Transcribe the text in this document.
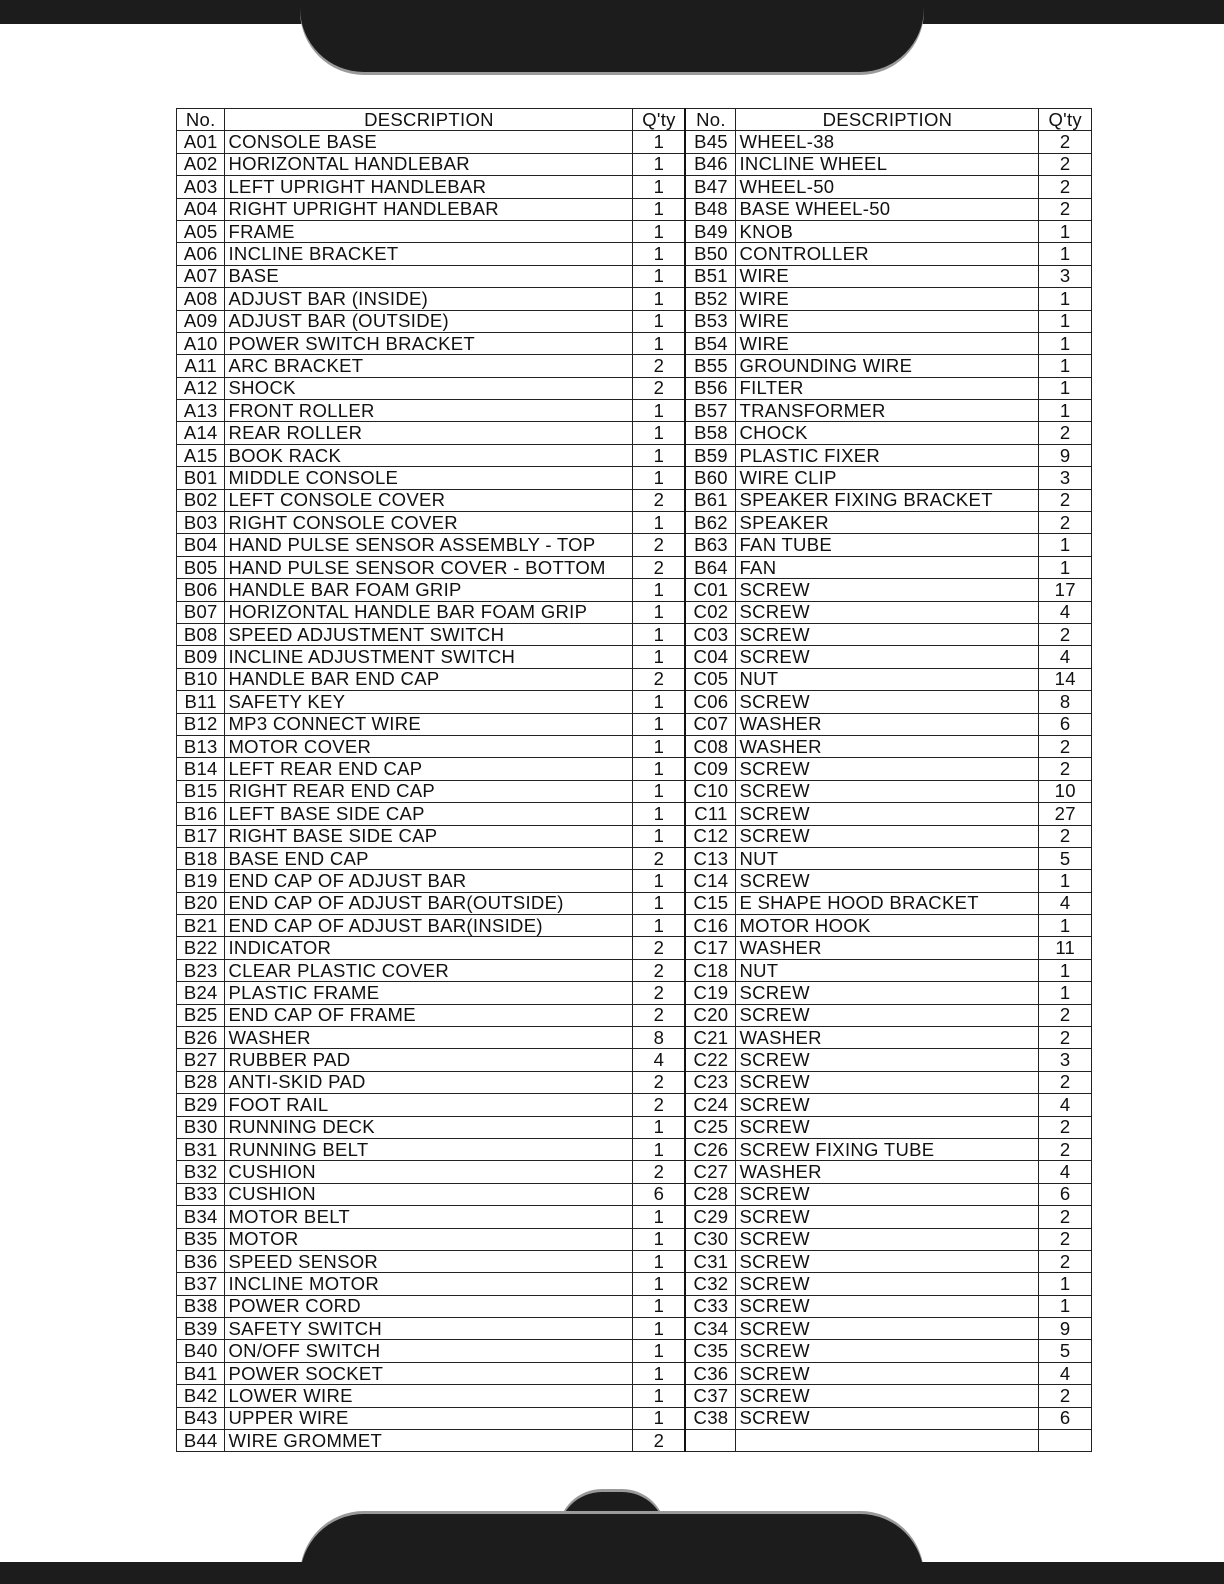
No.	DESCRIPTION	Q'ty	No.	DESCRIPTION	Q'ty
A01	CONSOLE BASE	1	B45	WHEEL-38	2
A02	HORIZONTAL HANDLEBAR	1	B46	INCLINE WHEEL	2
A03	LEFT UPRIGHT HANDLEBAR	1	B47	WHEEL-50	2
A04	RIGHT UPRIGHT HANDLEBAR	1	B48	BASE WHEEL-50	2
A05	FRAME	1	B49	KNOB	1
A06	INCLINE BRACKET	1	B50	CONTROLLER	1
A07	BASE	1	B51	WIRE	3
A08	ADJUST BAR (INSIDE)	1	B52	WIRE	1
A09	ADJUST BAR (OUTSIDE)	1	B53	WIRE	1
A10	POWER SWITCH BRACKET	1	B54	WIRE	1
A11	ARC BRACKET	2	B55	GROUNDING WIRE	1
A12	SHOCK	2	B56	FILTER	1
A13	FRONT ROLLER	1	B57	TRANSFORMER	1
A14	REAR ROLLER	1	B58	CHOCK	2
A15	BOOK RACK	1	B59	PLASTIC FIXER	9
B01	MIDDLE CONSOLE	1	B60	WIRE CLIP	3
B02	LEFT CONSOLE COVER	2	B61	SPEAKER FIXING BRACKET	2
B03	RIGHT CONSOLE COVER	1	B62	SPEAKER	2
B04	HAND PULSE SENSOR ASSEMBLY - TOP	2	B63	FAN TUBE	1
B05	HAND PULSE SENSOR COVER - BOTTOM	2	B64	FAN	1
B06	HANDLE BAR FOAM GRIP	1	C01	SCREW	17
B07	HORIZONTAL HANDLE BAR FOAM GRIP	1	C02	SCREW	4
B08	SPEED ADJUSTMENT SWITCH	1	C03	SCREW	2
B09	INCLINE ADJUSTMENT SWITCH	1	C04	SCREW	4
B10	HANDLE BAR END CAP	2	C05	NUT	14
B11	SAFETY KEY	1	C06	SCREW	8
B12	MP3 CONNECT WIRE	1	C07	WASHER	6
B13	MOTOR COVER	1	C08	WASHER	2
B14	LEFT REAR END CAP	1	C09	SCREW	2
B15	RIGHT REAR END CAP	1	C10	SCREW	10
B16	LEFT BASE SIDE CAP	1	C11	SCREW	27
B17	RIGHT BASE SIDE CAP	1	C12	SCREW	2
B18	BASE END CAP	2	C13	NUT	5
B19	END CAP OF ADJUST BAR	1	C14	SCREW	1
B20	END CAP OF ADJUST BAR(OUTSIDE)	1	C15	E SHAPE HOOD BRACKET	4
B21	END CAP OF ADJUST BAR(INSIDE)	1	C16	MOTOR HOOK	1
B22	INDICATOR	2	C17	WASHER	11
B23	CLEAR PLASTIC COVER	2	C18	NUT	1
B24	PLASTIC FRAME	2	C19	SCREW	1
B25	END CAP OF FRAME	2	C20	SCREW	2
B26	WASHER	8	C21	WASHER	2
B27	RUBBER PAD	4	C22	SCREW	3
B28	ANTI-SKID PAD	2	C23	SCREW	2
B29	FOOT RAIL	2	C24	SCREW	4
B30	RUNNING DECK	1	C25	SCREW	2
B31	RUNNING BELT	1	C26	SCREW FIXING TUBE	2
B32	CUSHION	2	C27	WASHER	4
B33	CUSHION	6	C28	SCREW	6
B34	MOTOR BELT	1	C29	SCREW	2
B35	MOTOR	1	C30	SCREW	2
B36	SPEED SENSOR	1	C31	SCREW	2
B37	INCLINE MOTOR	1	C32	SCREW	1
B38	POWER CORD	1	C33	SCREW	1
B39	SAFETY SWITCH	1	C34	SCREW	9
B40	ON/OFF SWITCH	1	C35	SCREW	5
B41	POWER SOCKET	1	C36	SCREW	4
B42	LOWER WIRE	1	C37	SCREW	2
B43	UPPER WIRE	1	C38	SCREW	6
B44	WIRE GROMMET	2			
